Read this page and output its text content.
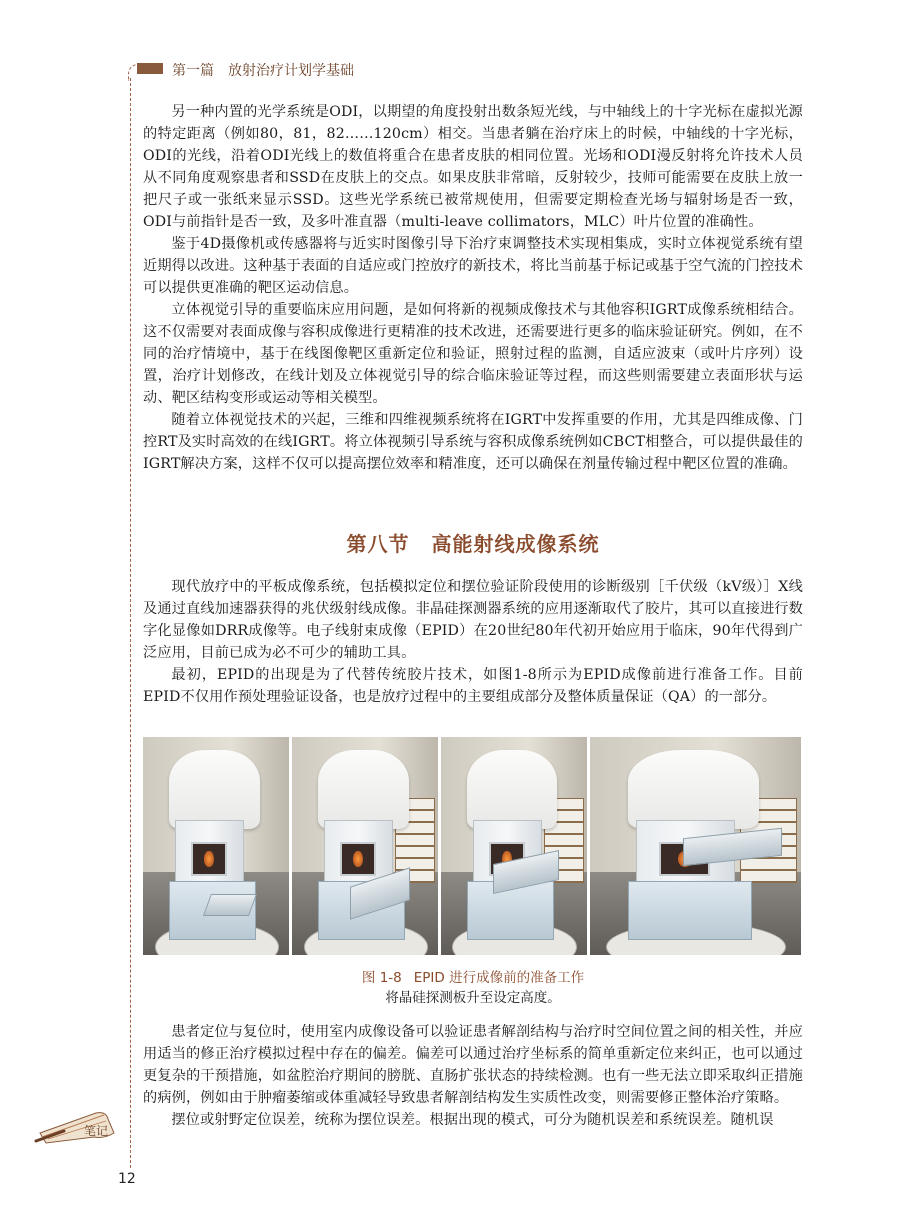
第一篇 放射治疗计划学基础

另一种内置的光学系统是ODI，以期望的角度投射出数条短光线，与中轴线上的十字光标在虚拟光源的特定距离（例如80，81，82……120cm）相交。当患者躺在治疗床上的时候，中轴线的十字光标，ODI的光线，沿着ODI光线上的数值将重合在患者皮肤的相同位置。光场和ODI漫反射将允许技术人员从不同角度观察患者和SSD在皮肤上的交点。如果皮肤非常暗，反射较少，技师可能需要在皮肤上放一把尺子或一张纸来显示SSD。这些光学系统已被常规使用，但需要定期检查光场与辐射场是否一致，ODI与前指针是否一致，及多叶准直器（multi-leave collimators，MLC）叶片位置的准确性。

鉴于4D摄像机或传感器将与近实时图像引导下治疗束调整技术实现相集成，实时立体视觉系统有望近期得以改进。这种基于表面的自适应或门控放疗的新技术，将比当前基于标记或基于空气流的门控技术可以提供更准确的靶区运动信息。

立体视觉引导的重要临床应用问题，是如何将新的视频成像技术与其他容积IGRT成像系统相结合。这不仅需要对表面成像与容积成像进行更精准的技术改进，还需要进行更多的临床验证研究。例如，在不同的治疗情境中，基于在线图像靶区重新定位和验证，照射过程的监测，自适应波束（或叶片序列）设置，治疗计划修改，在线计划及立体视觉引导的综合临床验证等过程，而这些则需要建立表面形状与运动、靶区结构变形或运动等相关模型。

随着立体视觉技术的兴起，三维和四维视频系统将在IGRT中发挥重要的作用，尤其是四维成像、门控RT及实时高效的在线IGRT。将立体视频引导系统与容积成像系统例如CBCT相整合，可以提供最佳的IGRT解决方案，这样不仅可以提高摆位效率和精准度，还可以确保在剂量传输过程中靶区位置的准确。

第八节 高能射线成像系统

现代放疗中的平板成像系统，包括模拟定位和摆位验证阶段使用的诊断级别［千伏级（kV级）］X线及通过直线加速器获得的兆伏级射线成像。非晶硅探测器系统的应用逐渐取代了胶片，其可以直接进行数字化显像如DRR成像等。电子线射束成像（EPID）在20世纪80年代初开始应用于临床，90年代得到广泛应用，目前已成为必不可少的辅助工具。

最初，EPID的出现是为了代替传统胶片技术，如图1-8所示为EPID成像前进行准备工作。目前EPID不仅用作预处理验证设备，也是放疗过程中的主要组成部分及整体质量保证（QA）的一部分。

图 1-8 EPID 进行成像前的准备工作
将晶硅探测板升至设定高度。

患者定位与复位时，使用室内成像设备可以验证患者解剖结构与治疗时空间位置之间的相关性，并应用适当的修正治疗模拟过程中存在的偏差。偏差可以通过治疗坐标系的简单重新定位来纠正，也可以通过更复杂的干预措施，如盆腔治疗期间的膀胱、直肠扩张状态的持续检测。也有一些无法立即采取纠正措施的病例，例如由于肿瘤萎缩或体重减轻导致患者解剖结构发生实质性改变，则需要修正整体治疗策略。

摆位或射野定位误差，统称为摆位误差。根据出现的模式，可分为随机误差和系统误差。随机误

笔记
12
